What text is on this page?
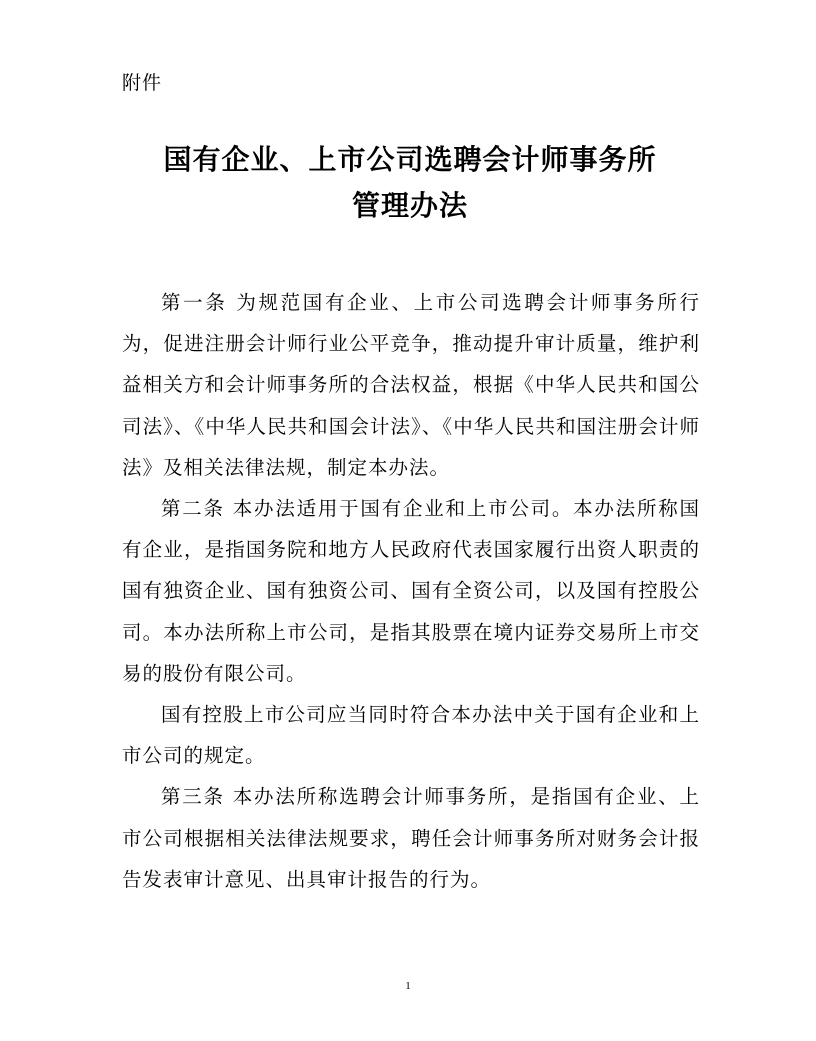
附件
国有企业、上市公司选聘会计师事务所
管理办法

第一条 为规范国有企业、上市公司选聘会计师事务所行为，促进注册会计师行业公平竞争，推动提升审计质量，维护利益相关方和会计师事务所的合法权益，根据《中华人民共和国公司法》、《中华人民共和国会计法》、《中华人民共和国注册会计师法》及相关法律法规，制定本办法。

第二条 本办法适用于国有企业和上市公司。本办法所称国有企业，是指国务院和地方人民政府代表国家履行出资人职责的国有独资企业、国有独资公司、国有全资公司，以及国有控股公司。本办法所称上市公司，是指其股票在境内证券交易所上市交易的股份有限公司。

国有控股上市公司应当同时符合本办法中关于国有企业和上市公司的规定。

第三条 本办法所称选聘会计师事务所，是指国有企业、上市公司根据相关法律法规要求，聘任会计师事务所对财务会计报告发表审计意见、出具审计报告的行为。

1
